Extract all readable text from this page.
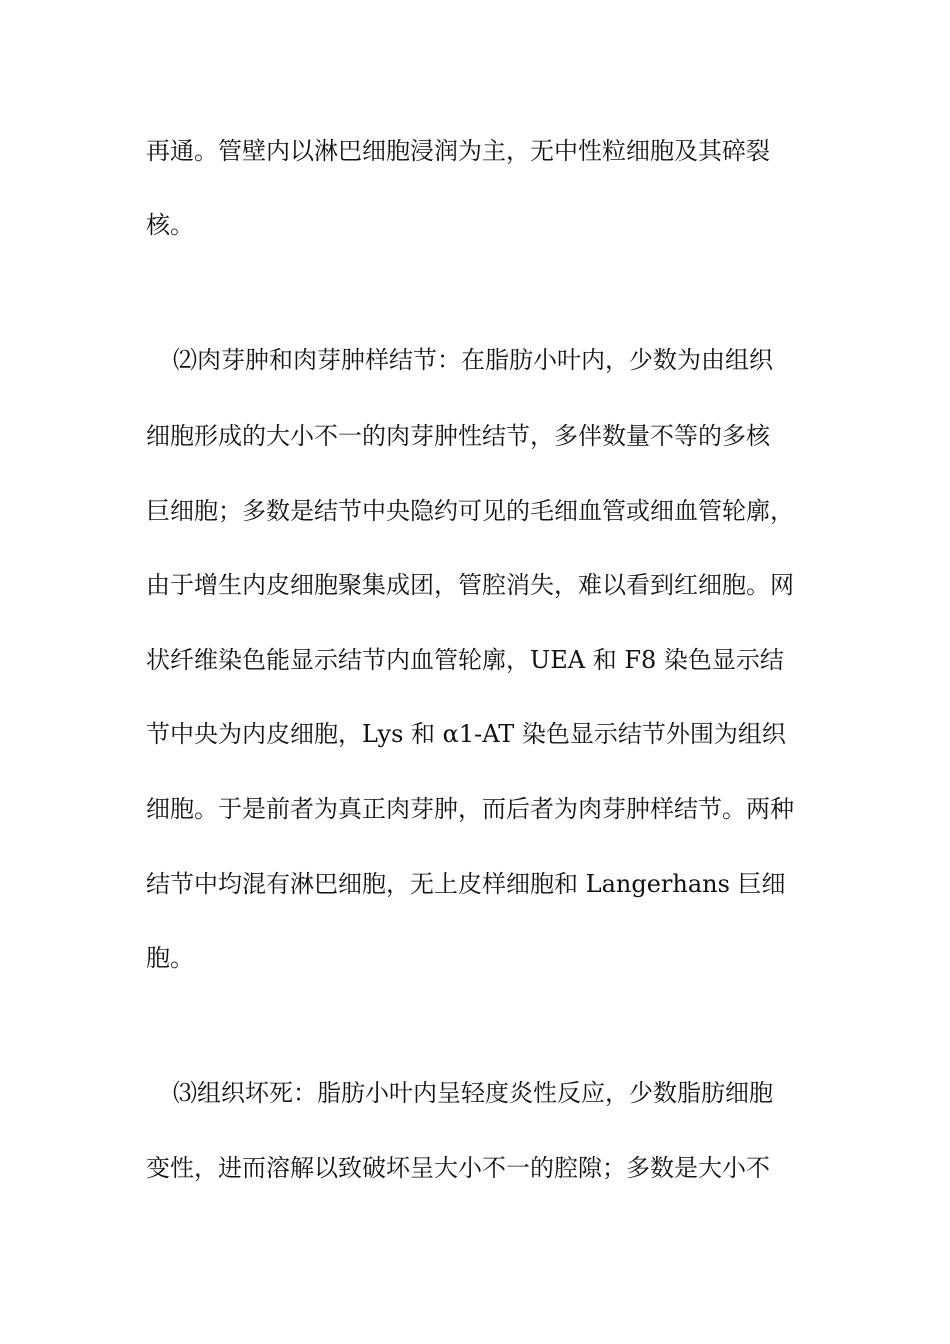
再通。管壁内以淋巴细胞浸润为主，无中性粒细胞及其碎裂
核。
⑵肉芽肿和肉芽肿样结节：在脂肪小叶内，少数为由组织
细胞形成的大小不一的肉芽肿性结节，多伴数量不等的多核
巨细胞；多数是结节中央隐约可见的毛细血管或细血管轮廓，
由于增生内皮细胞聚集成团，管腔消失，难以看到红细胞。网
状纤维染色能显示结节内血管轮廓，UEA 和 F8 染色显示结
节中央为内皮细胞，Lys 和 α1-AT 染色显示结节外围为组织
细胞。于是前者为真正肉芽肿，而后者为肉芽肿样结节。两种
结节中均混有淋巴细胞，无上皮样细胞和 Langerhans 巨细
胞。
⑶组织坏死：脂肪小叶内呈轻度炎性反应，少数脂肪细胞
变性，进而溶解以致破坏呈大小不一的腔隙；多数是大小不
